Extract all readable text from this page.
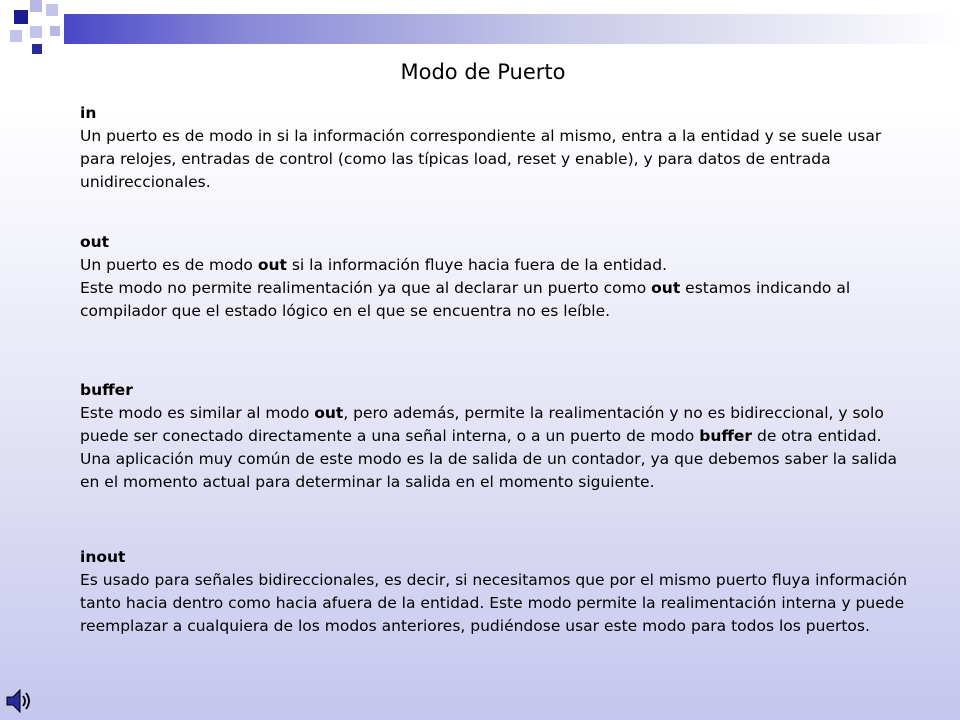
Modo de Puerto
in

Un puerto es de modo in si la información correspondiente al mismo, entra a la entidad y se suele usar para relojes, entradas de control (como las típicas load, reset y enable), y para datos de entrada unidireccionales.

out

Un puerto es de modo out si la información fluye hacia fuera de la entidad.

Este modo no permite realimentación ya que al declarar un puerto como out estamos indicando al compilador que el estado lógico en el que se encuentra no es leíble.

buffer

Este modo es similar al modo out, pero además, permite la realimentación y no es bidireccional, y solo puede ser conectado directamente a una señal interna, o a un puerto de modo buffer de otra entidad. Una aplicación muy común de este modo es la de salida de un contador, ya que debemos saber la salida en el momento actual para determinar la salida en el momento siguiente.

inout

Es usado para señales bidireccionales, es decir, si necesitamos que por el mismo puerto fluya información tanto hacia dentro como hacia afuera de la entidad. Este modo permite la realimentación interna y puede reemplazar a cualquiera de los modos anteriores, pudiéndose usar este modo para todos los puertos.
